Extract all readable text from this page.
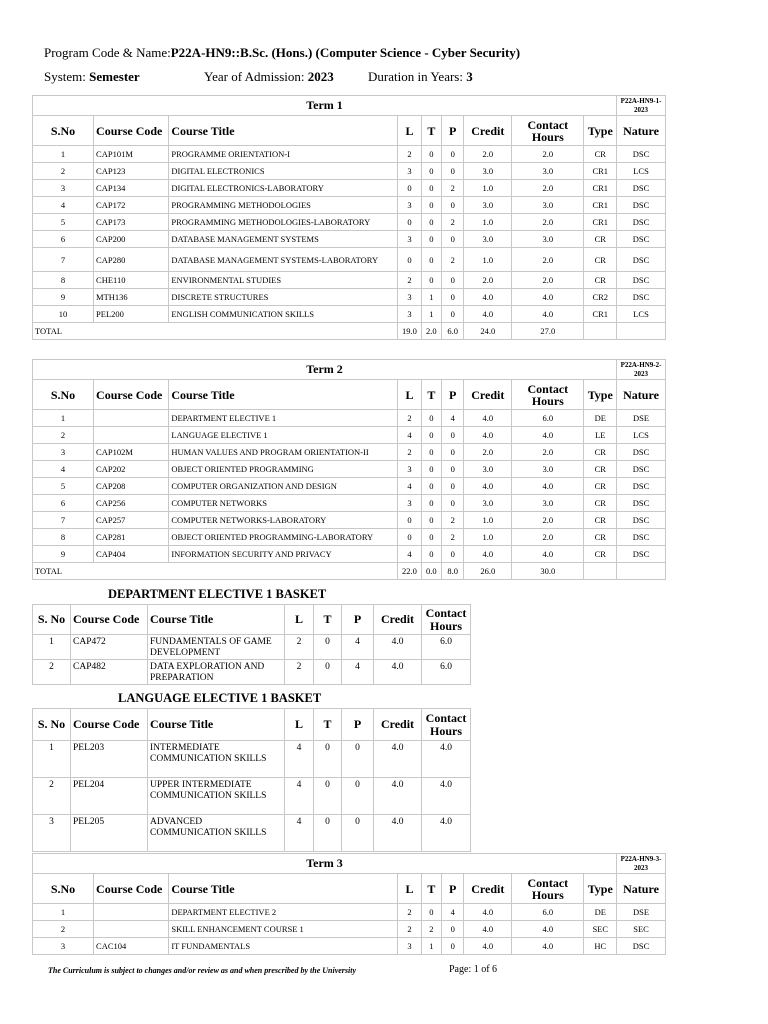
Program Code & Name:P22A-HN9::B.Sc. (Hons.) (Computer Science - Cyber Security)
System: Semester	Year of Admission: 2023	Duration in Years: 3
Term 1									P22A-HN9-1-2023
S.No	Course Code	Course Title	L	T	P	Credit	Contact Hours	Type	Nature
1	CAP101M	PROGRAMME ORIENTATION-I	2	0	0	2.0	2.0	CR	DSC
2	CAP123	DIGITAL ELECTRONICS	3	0	0	3.0	3.0	CR1	LCS
3	CAP134	DIGITAL ELECTRONICS-LABORATORY	0	0	2	1.0	2.0	CR1	DSC
4	CAP172	PROGRAMMING METHODOLOGIES	3	0	0	3.0	3.0	CR1	DSC
5	CAP173	PROGRAMMING METHODOLOGIES-LABORATORY	0	0	2	1.0	2.0	CR1	DSC
6	CAP200	DATABASE MANAGEMENT SYSTEMS	3	0	0	3.0	3.0	CR	DSC
7	CAP280	DATABASE MANAGEMENT SYSTEMS-LABORATORY	0	0	2	1.0	2.0	CR	DSC
8	CHE110	ENVIRONMENTAL STUDIES	2	0	0	2.0	2.0	CR	DSC
9	MTH136	DISCRETE STRUCTURES	3	1	0	4.0	4.0	CR2	DSC
10	PEL200	ENGLISH COMMUNICATION SKILLS	3	1	0	4.0	4.0	CR1	LCS
TOTAL			19.0	2.0	6.0	24.0	27.0		
Term 2									P22A-HN9-2-2023
S.No	Course Code	Course Title	L	T	P	Credit	Contact Hours	Type	Nature
1		DEPARTMENT ELECTIVE 1	2	0	4	4.0	6.0	DE	DSE
2		LANGUAGE ELECTIVE 1	4	0	0	4.0	4.0	LE	LCS
3	CAP102M	HUMAN VALUES AND PROGRAM ORIENTATION-II	2	0	0	2.0	2.0	CR	DSC
4	CAP202	OBJECT ORIENTED PROGRAMMING	3	0	0	3.0	3.0	CR	DSC
5	CAP208	COMPUTER ORGANIZATION AND DESIGN	4	0	0	4.0	4.0	CR	DSC
6	CAP256	COMPUTER NETWORKS	3	0	0	3.0	3.0	CR	DSC
7	CAP257	COMPUTER NETWORKS-LABORATORY	0	0	2	1.0	2.0	CR	DSC
8	CAP281	OBJECT ORIENTED PROGRAMMING-LABORATORY	0	0	2	1.0	2.0	CR	DSC
9	CAP404	INFORMATION SECURITY AND PRIVACY	4	0	0	4.0	4.0	CR	DSC
TOTAL			22.0	0.0	8.0	26.0	30.0		
Term 3									P22A-HN9-3-2023
S.No	Course Code	Course Title	L	T	P	Credit	Contact Hours	Type	Nature
1		DEPARTMENT ELECTIVE 2	2	0	4	4.0	6.0	DE	DSE
2		SKILL ENHANCEMENT COURSE 1	2	2	0	4.0	4.0	SEC	SEC
3	CAC104	IT FUNDAMENTALS	3	1	0	4.0	4.0	HC	DSC
DEPARTMENT ELECTIVE 1 BASKET
S. No	Course Code	Course Title	L	T	P	Credit	Contact Hours
1	CAP472	FUNDAMENTALS OF GAME DEVELOPMENT	2	0	4	4.0	6.0
2	CAP482	DATA EXPLORATION AND PREPARATION	2	0	4	4.0	6.0
LANGUAGE ELECTIVE 1 BASKET
S. No	Course Code	Course Title	L	T	P	Credit	Contact Hours
1	PEL203	INTERMEDIATE COMMUNICATION SKILLS	4	0	0	4.0	4.0
2	PEL204	UPPER INTERMEDIATE COMMUNICATION SKILLS	4	0	0	4.0	4.0
3	PEL205	ADVANCED COMMUNICATION SKILLS	4	0	0	4.0	4.0
The Curriculum is subject to changes and/or review as and when prescribed by the University	Page: 1 of 6
